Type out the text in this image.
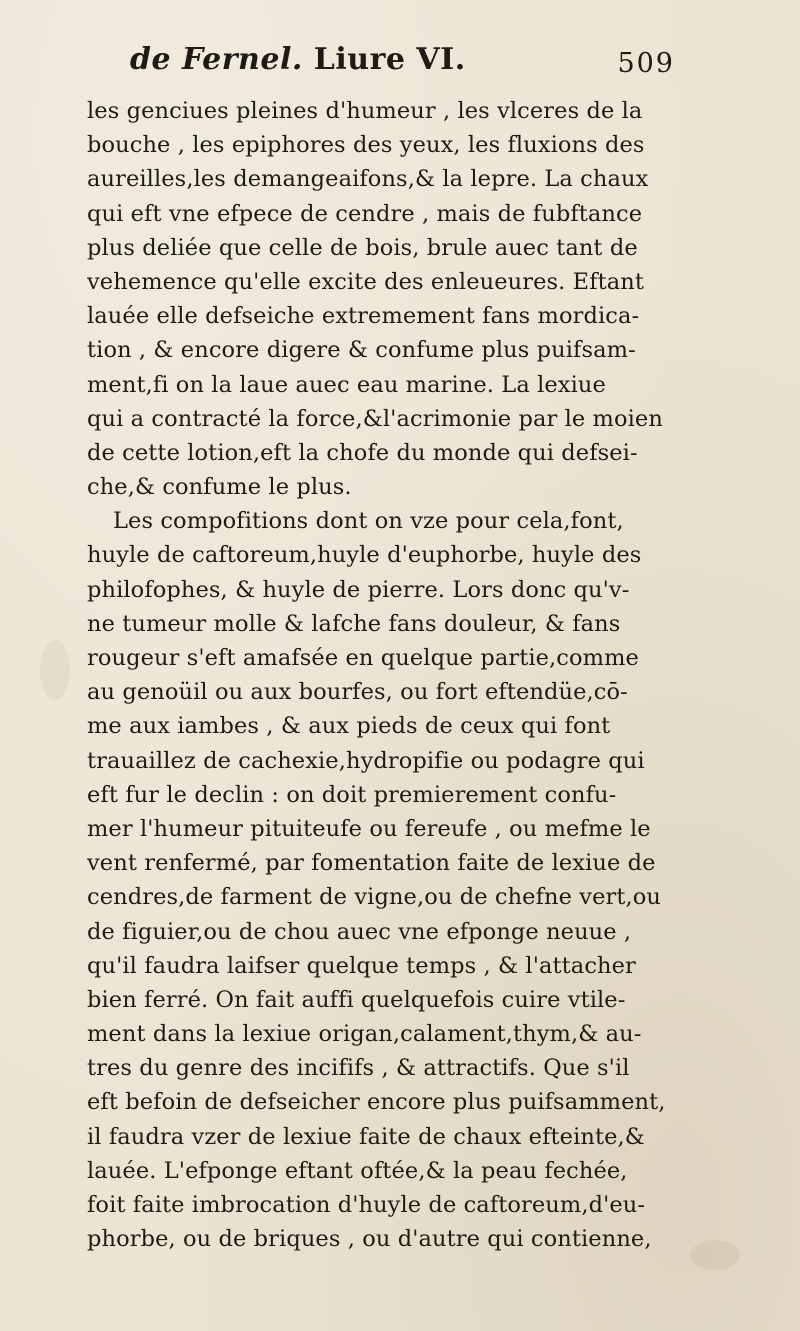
de Fernel. Liure VI.	509
les genciues pleines d'humeur , les vlceres de la
bouche , les epiphores des yeux, les fluxions des
aureilles,les demangeaifons,& la lepre. La chaux
qui eft vne efpece de cendre , mais de fubftance
plus deliée que celle de bois, brule auec tant de
vehemence qu'elle excite des enleueures. Eftant
lauée elle defseiche extremement fans mordica-
tion , & encore digere & confume plus puifsam-
ment,fi on la laue auec eau marine. La lexiue
qui a contracté la force,&l'acrimonie par le moien
de cette lotion,eft la chofe du monde qui defsei-
che,& confume le plus.
Les compofitions dont on vze pour cela,font,
huyle de caftoreum,huyle d'euphorbe, huyle des
philofophes, & huyle de pierre. Lors donc qu'v-
ne tumeur molle & lafche fans douleur, & fans
rougeur s'eft amafsée en quelque partie,comme
au genoüil ou aux bourfes, ou fort eftendüe,cō-
me aux iambes , & aux pieds de ceux qui font
trauaillez de cachexie,hydropifie ou podagre qui
eft fur le declin : on doit premierement confu-
mer l'humeur pituiteufe ou fereufe , ou mefme le
vent renfermé, par fomentation faite de lexiue de
cendres,de farment de vigne,ou de chefne vert,ou
de figuier,ou de chou auec vne efponge neuue ,
qu'il faudra laifser quelque temps , & l'attacher
bien ferré. On fait auffi quelquefois cuire vtile-
ment dans la lexiue origan,calament,thym,& au-
tres du genre des incififs , & attractifs. Que s'il
eft befoin de defseicher encore plus puifsamment,
il faudra vzer de lexiue faite de chaux efteinte,&
lauée. L'efponge eftant oftée,& la peau fechée,
foit faite imbrocation d'huyle de caftoreum,d'eu-
phorbe, ou de briques , ou d'autre qui contienne,
